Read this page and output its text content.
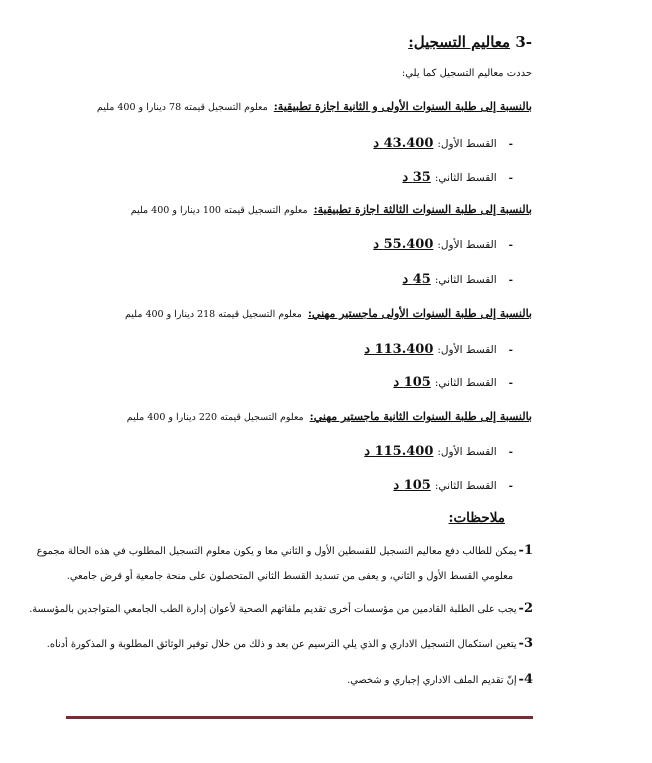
-3 معاليم التسجيل:
حددت معاليم التسجيل كما يلي:
بالنسبة إلى طلبة السنوات الأولى و الثانية اجازة تطبيقية:معلوم التسجيل قيمته 78 دينارا و 400 مليم
-القسط الأول:43.400 د
-القسط الثاني:35 د
بالنسبة إلى طلبة السنوات الثالثة اجازة تطبيقية:معلوم التسجيل قيمته 100 دينارا و 400 مليم
-القسط الأول:55.400 د
-القسط الثاني:45 د
بالنسبة إلى طلبة السنوات الأولى ماجستير مهني:معلوم التسجيل قيمته 218 دينارا و 400 مليم
-القسط الأول:113.400 د
-القسط الثاني:105 د
بالنسبة إلى طلبة السنوات الثانية ماجستير مهني:معلوم التسجيل قيمته 220 دينارا و 400 مليم
-القسط الأول:115.400 د
-القسط الثاني:105 د
ملاحظات:
1-يمكن للطالب دفع معاليم التسجيل للقسطين الأول و الثاني معا و يكون معلوم التسجيل المطلوب في هذه الحالة مجموع
معلومي القسط الأول و الثاني، و يعفى من تسديد القسط الثاني المتحصلون على منحة جامعية أو قرض جامعي.
2-يجب على الطلبة القادمين من مؤسسات أخرى تقديم ملفاتهم الصحية لأعوان إدارة الطب الجامعي المتواجدين بالمؤسسة.
3-يتعين استكمال التسجيل الاداري و الذي يلي الترسيم عن بعد و ذلك من خلال توفير الوثائق المطلوبة و المذكورة أدناه.
4-إنّ تقديم الملف الاداري إجباري و شخصي.
